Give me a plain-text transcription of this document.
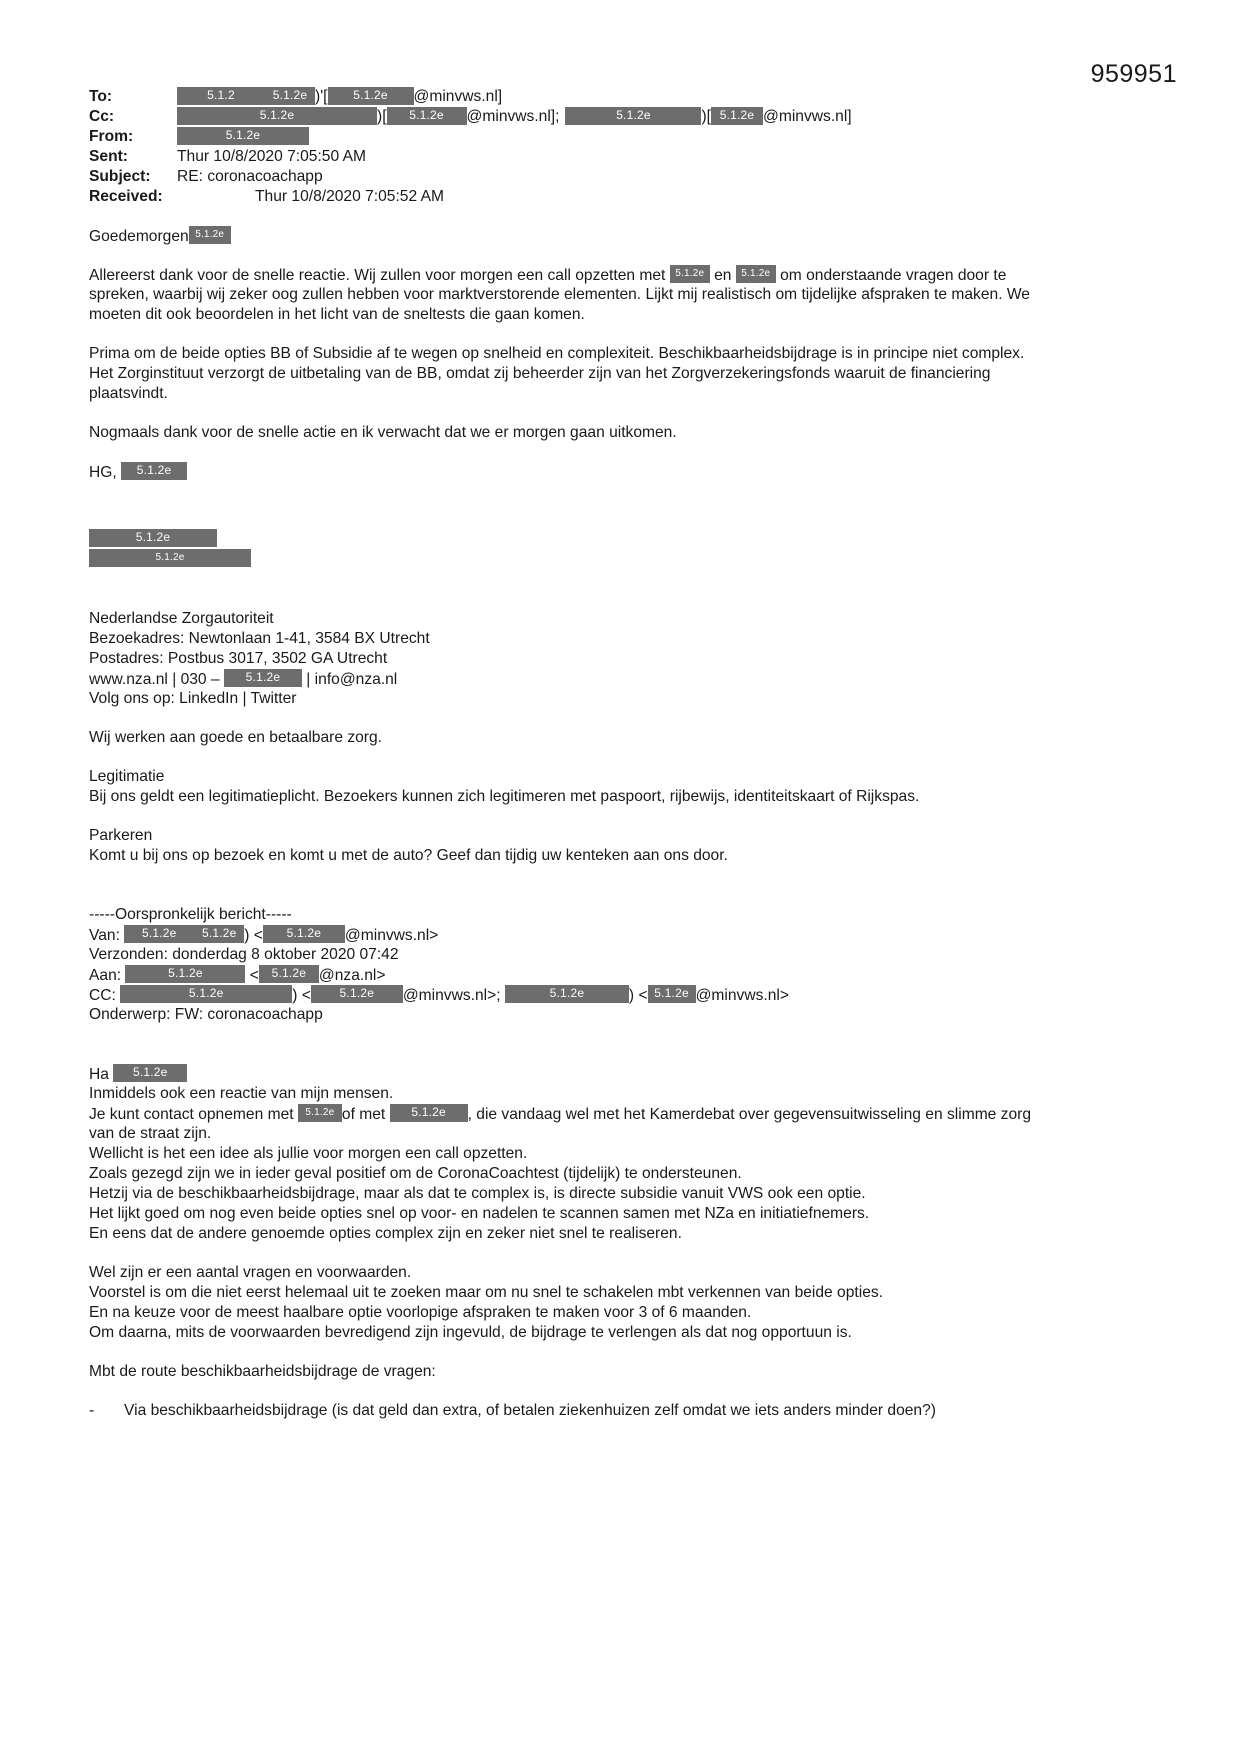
959951
To:	5.1.2	5.1.2e )'[	5.1.2e	@minvws.nl]
Cc:	5.1.2e	)[	5.1.2e	@minvws.nl];	5.1.2e	)[ 5.1.2e @minvws.nl]
From:	5.1.2e
Sent:	Thur 10/8/2020 7:05:50 AM
Subject:	RE: coronacoachapp
Received:	Thur 10/8/2020 7:05:52 AM
Goedemorgen 5.1.2e
Allereerst dank voor de snelle reactie. Wij zullen voor morgen een call opzetten met 5.1.2e en 5.1.2e om onderstaande vragen door te
spreken, waarbij wij zeker oog zullen hebben voor marktverstorende elementen. Lijkt mij realistisch om tijdelijke afspraken te maken. We
moeten dit ook beoordelen in het licht van de sneltests die gaan komen.
Prima om de beide opties BB of Subsidie af te wegen op snelheid en complexiteit. Beschikbaarheidsbijdrage is in principe niet complex.
Het Zorginstituut verzorgt de uitbetaling van de BB, omdat zij beheerder zijn van het Zorgverzekeringsfonds waaruit de financiering
plaatsvindt.
Nogmaals dank voor de snelle actie en ik verwacht dat we er morgen gaan uitkomen.
HG, 5.1.2e
5.1.2e
5.1.2e
Nederlandse Zorgautoriteit
Bezoekadres: Newtonlaan 1-41, 3584 BX Utrecht
Postadres: Postbus 3017, 3502 GA Utrecht
www.nza.nl | 030 – 5.1.2e | info@nza.nl
Volg ons op: LinkedIn | Twitter
Wij werken aan goede en betaalbare zorg.
Legitimatie
Bij ons geldt een legitimatieplicht. Bezoekers kunnen zich legitimeren met paspoort, rijbewijs, identiteitskaart of Rijkspas.
Parkeren
Komt u bij ons op bezoek en komt u met de auto? Geef dan tijdig uw kenteken aan ons door.
-----Oorspronkelijk bericht-----
Van: 5.1.2e 5.1.2e ) < 5.1.2e @minvws.nl>
Verzonden: donderdag 8 oktober 2020 07:42
Aan:	5.1.2e	< 5.1.2e @nza.nl>
CC:	5.1.2e	) < 5.1.2e @minvws.nl>;	5.1.2e	) < 5.1.2e @minvws.nl>
Onderwerp: FW: coronacoachapp
Ha 5.1.2e
Inmiddels ook een reactie van mijn mensen.
Je kunt contact opnemen met 5.1.2e of met 5.1.2e , die vandaag wel met het Kamerdebat over gegevensuitwisseling en slimme zorg
van de straat zijn.
Wellicht is het een idee als jullie voor morgen een call opzetten.
Zoals gezegd zijn we in ieder geval positief om de CoronaCoachtest (tijdelijk) te ondersteunen.
Hetzij via de beschikbaarheidsbijdrage, maar als dat te complex is, is directe subsidie vanuit VWS ook een optie.
Het lijkt goed om nog even beide opties snel op voor- en nadelen te scannen samen met NZa en initiatiefnemers.
En eens dat de andere genoemde opties complex zijn en zeker niet snel te realiseren.
Wel zijn er een aantal vragen en voorwaarden.
Voorstel is om die niet eerst helemaal uit te zoeken maar om nu snel te schakelen mbt verkennen van beide opties.
En na keuze voor de meest haalbare optie voorlopige afspraken te maken voor 3 of 6 maanden.
Om daarna, mits de voorwaarden bevredigend zijn ingevuld, de bijdrage te verlengen als dat nog opportuun is.
Mbt de route beschikbaarheidsbijdrage de vragen:
-	Via beschikbaarheidsbijdrage (is dat geld dan extra, of betalen ziekenhuizen zelf omdat we iets anders minder doen?)
